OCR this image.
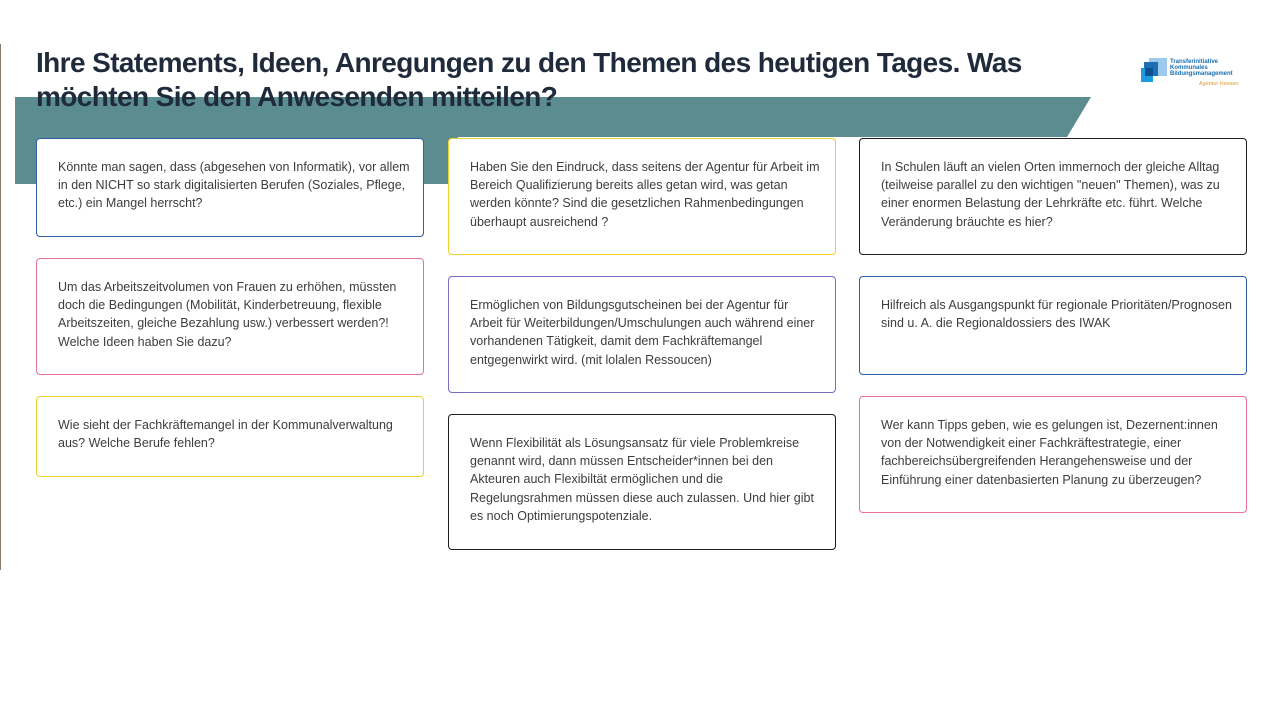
Ihre Statements, Ideen, Anregungen zu den Themen des heutigen Tages. Was möchten Sie den Anwesenden mitteilen?
Transferinitiative
Kommunales
Bildungsmanagement
Agentur Hessen
Könnte man sagen, dass (abgesehen von Informatik), vor allem in den NICHT so stark digitalisierten Berufen (Soziales, Pflege, etc.) ein Mangel herrscht?
Haben Sie den Eindruck, dass seitens der Agentur für Arbeit im Bereich Qualifizierung bereits alles getan wird, was getan werden könnte? Sind die gesetzlichen Rahmenbedingungen überhaupt ausreichend ?
In Schulen läuft an vielen Orten immernoch der gleiche Alltag (teilweise parallel zu den wichtigen "neuen" Themen), was zu einer enormen Belastung der Lehrkräfte etc. führt. Welche Veränderung bräuchte es hier?
Um das Arbeitszeitvolumen von Frauen zu erhöhen, müssten doch die Bedingungen (Mobilität, Kinderbetreuung, flexible Arbeitszeiten, gleiche Bezahlung usw.) verbessert werden?! Welche Ideen haben Sie dazu?
Ermöglichen von Bildungsgutscheinen bei der Agentur für Arbeit für Weiterbildungen/Umschulungen auch während einer vorhandenen Tätigkeit, damit dem Fachkräftemangel entgegenwirkt wird. (mit lolalen Ressoucen)
Hilfreich als Ausgangspunkt für regionale Prioritäten/Prognosen sind u. A. die Regionaldossiers des IWAK
Wie sieht der Fachkräftemangel in der Kommunalverwaltung aus? Welche Berufe fehlen?	Wenn Flexibilität als Lösungsansatz für viele Problemkreise genannt wird, dann müssen Entscheider*innen bei den Akteuren auch Flexibiltät ermöglichen und die Regelungsrahmen müssen diese auch zulassen. Und hier gibt es noch Optimierungspotenziale.
Wer kann Tipps geben, wie es gelungen ist, Dezernent:innen von der Notwendigkeit einer Fachkräftestrategie, einer fachbereichsübergreifenden Herangehensweise und der Einführung einer datenbasierten Planung zu überzeugen?
